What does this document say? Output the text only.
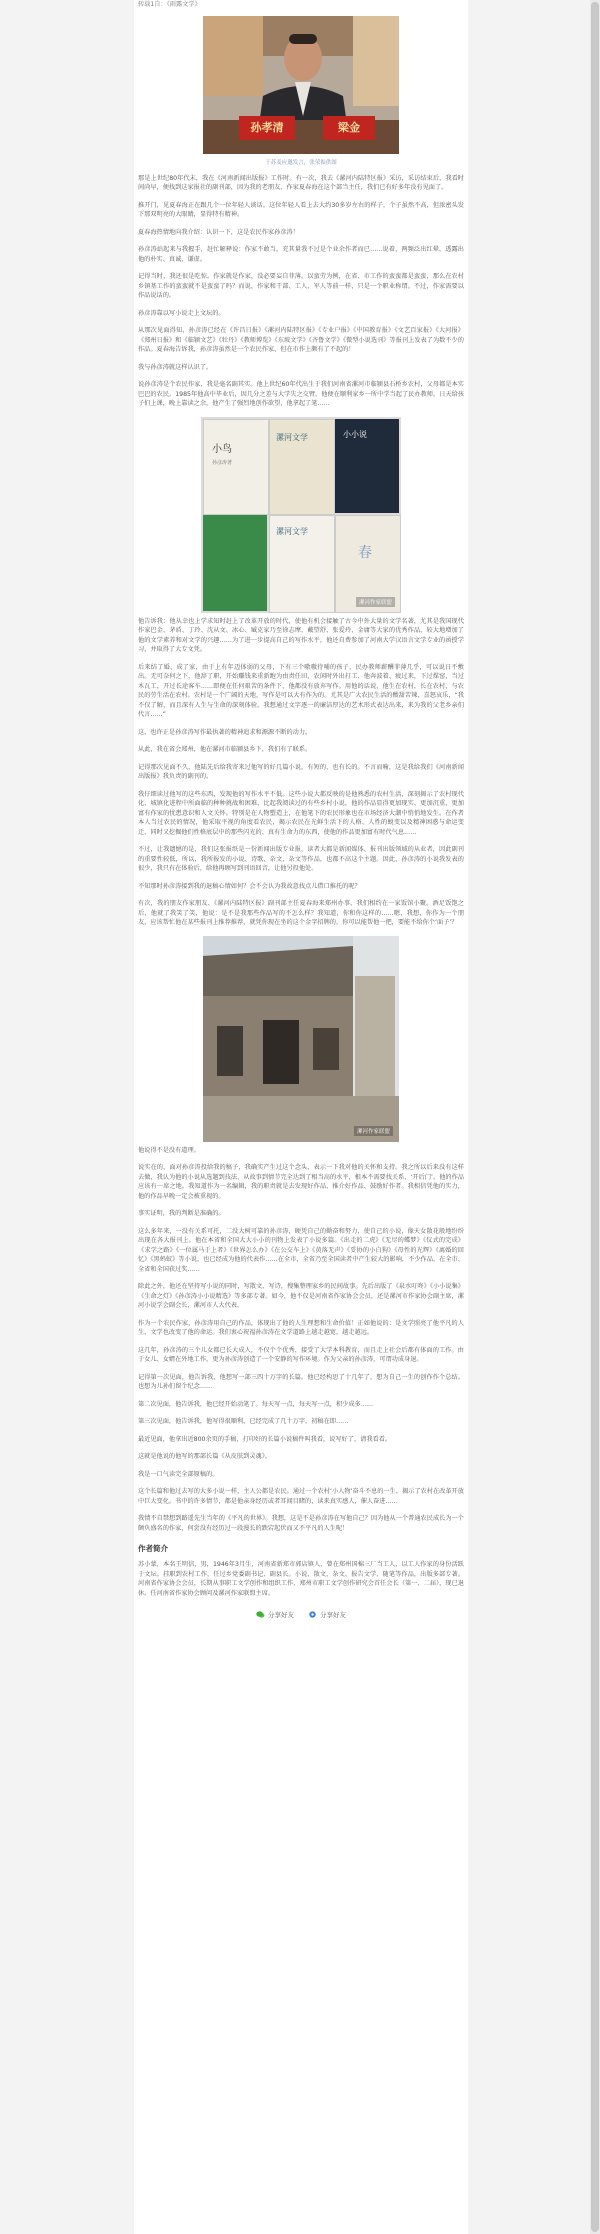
转载1自：《雨露文学》

孙孝清	梁金
于苏麦应邀发言，张荣振供图

那是上世纪80年代末，我在《河南新闻出版报》工作时。有一次，我去《漯河内陆特区报》采访，采访结束后，我看时间尚早，便找到这家报社的副刊部，因为我的老朋友、作家夏春海在这个部当主任，我们已有好多年没有见面了。

推开门，见夏春海正在跟几个一位年轻人谈话。这位年轻人看上去大约30多岁左右的样子，个子虽然不高，但浓密头发下那双明亮的大眼睛，显得特有精神。

夏春海热情地向我介绍：认识一下，这是农民作家孙彦涛！

孙彦涛站起来与我握手，赶忙解释说：作家不敢当，充其量我不过是个业余作者而已……说着，两频泛出红晕，透露出他的朴实、真诚、谦虚。

记得当时，我还很是吃惊。作家就是作家，没必要妄自菲薄。以蛮劳为例，在省、市工作的蛮蛮都是蛮蛮，那么在农村乡镇基工作的蛮蛮就不是蛮蛮了吗？而说，作家和干部、工人、军人等前一样，只是一个职业称谓。不过，作家需要以作品说话的。

孙彦涛靠以写小说走上文坛的。

从那次见面得知，孙彦涛已经在《许昌日报》《漯河内陆特区报》《专业户报》《中国教育报》《文艺百家报》《大河报》《郑州日报》和《临颍文艺》《牡丹》《教师博览》《东坡文学》《齐鲁文学》《微型小说选刊》等报刊上发表了为数不少的作品。夏春海告诉我，孙彦涛虽然是一个农民作家，但在市作上颇有了不起的！

我与孙彦涛就这样认识了。

说孙彦涛是个农民作家，我是毫名副其实。他上世纪60年代出生于我们河南省漯河市临颍县石桥乡农村，父母都是本实巴巴的农民。1985年他高中毕业后，因几分之差与大学失之交臂，他便在顺利家乡一所中学当起了民办教师，日天给孩子们上课，晚上靠读之余，他产生了强烈地创作欲望，他拿起了笔……

小鸟
孙彦涛著
漯河文学	小小说
漯河文学
春
漯河作家联盟

他告诉我：他从幸也上学求知时赶上了改革开放的时代，使他有机会接触了古今中外大量的文学名著，尤其是我国现代作家巴金、茅盾、丁玲、沈从文、冰心、臧克家乃至徐志摩、戴望舒、张爱玲、金庸等大家的优秀作品，较大地增加了他的文学素养和对文学的兴趣……为了进一步提高自己的写作水平，他还自费参加了河南大学汉语言文学专业的函授学习，并取得了大专文凭。

后来结了婚、成了家，由于上有年迈体弱的父母，下有三个嗷嗷待哺的孩子，民办教师薪酬菲薄几乎，可以说日不敷出。无可奈何之下，他辞了职，开始赚钱来重新跑为由责任田，农闲时外出打工、他奔波着、疲过来，下过煤窑，当过木瓦工，开过长途客车……即便在任何艰苦的条件下，他都没有放弃写作。用他的话说，他生在农村，长在农村，与农民的劳生活在农村。农村是一个广阔的天地，写作是可以大有作为的。尤其是广大农民生活的酸甜苦辣、喜怒哀乐，“我不仅了解，而且深有人生与生命的深刻体验。我想通过文字逐一的廉洁厚达的艺术形式表达出来，来为我的父老乡亲们代言……”

这，也许正是孙彦涛写作最执著的精神追求和源源不断的动力。

从此，我在省会郑州，他在漯河市临颍县乡下，我们有了联系。

记得那次见面不久，他陆先后给我寄来过他写的好几篇小说，有短的，也有长的。不言而喻，这是我给我们《河南新闻出版报》我负责的副刊的。

我仔细读过他写的这些东西，发现他的写作水平不低。这些小说大都反映的是他熟悉的农村生活，深刻揭示了农村现代化、城镇化进程中所面临的种种挑战和困难，比起我阅读过的有些乡村小说，他的作品显得更加现实、更加沉重，更加富有作家的忧患意识和人文关怀。特别是在人物塑造上，在他笔下的农民形象也在市场经济大潮中悄悄地发生。在作者本人当过农民的情况，他采取平视的角度看农民，揭示农民在光鲜生活下的人格、人性的蜕变以及精神困惑与命运变迁，同时又挖掘他们性格底层中的那些闪光的、真有生命力的东西，使他的作品更加富有时代气息……

不过，让我遗憾的是，我们这张报纸是一份新闻出版专业报，读者大都是新闻媒体、报刊出版领域的从业者，因此副刊的重要性较低，所以，我所报发的小说、诗歌、杂文、杂文等作品，也都不高这个主题。因此，孙彦涛的小说我发表的很少，我只有在体验后，给他再顾写到刊语回音，让他另投他处。

不知那时孙彦涛接到我的退稿心情如何？会不会认为我故意找点儿借口推托的呢？

有次，我的朋友作家朋友、《漯河内陆特区报》副刊部主任夏春海来郑州办事，我们相约在一家饭馆小聚。酒足饭饱之后，他就了我笑了笑，他说：是不是我那些作品写的不怎么样？我知道，你和你这样的……嗯，我想，你作为一个朋友，应该帮忙他在某些报刊上推荐推荐，就凭你现在坐的这个金字招牌的，你可以能帮他一把，要能不给你个‘面子’？

漯河作家联盟

他说得不是没有道理。

说实在的，面对孙彦涛投给我的稿子，我确实产生过这个念头，表示一下我对他的关怀和支持。我之所以后来没有这样去做，我认为他的小说从选题到技法、从故事到情节完全达到了相当高的水平，根本不需要找关系、‘开后门’。他的作品应该有一席之地。我知道作为一名编辑，我的职责就是去发现好作品、推介好作品、鼓励好作者。我相信凭他的实力，他的作品早晚一定会被重视的。

事实证明，我的判断是准确的。

这么多年来，一没有关系可托，二没大树可靠的孙彦涛，硬凭自己的勤奋和努力，使自己的小说，像天女散花般地纷纷出现在各大报刊上。他在本省和全国大大小小的刊物上发表了小说多篇。《出走的二虎》《无尽的蝶梦》《仪式的完成》《求学之路》《一位属马于上者》《世界怎么办》《在公交车上》《黄落无声》《妥协的小白狗》《母性的光辉》《离婚的回忆》《黑蚂蚁》等小说，也已经成为他的代表作……在全市，全省乃至全国读者中产生较大的影响，不少作品，在全市、全省和全国获过奖……

除此之外，他还在坚持写小说的同时，写散文、写诗，搜集整理家乡的民间故事。先后出版了《泉水叮咚》《小小说集》《生命之灯》《孙彦涛小小说精选》等多部专著。如今，他不仅是河南省作家协会会员，还是漯河市作家协会副主席，漯河小说学会副会长，漯河市人大代表。

作为一个农民作家，孙彦涛用自己的作品，体现出了他的人生理想和生命价值！正如他说的：是文学照亮了他平凡的人生，文学也改变了他的命运。我们衷心祝福孙彦涛在文学道路上越走越宽，越走越远。

这几年，孙彦涛的三个儿女都已长大成人，不仅个个优秀，接受了大学本科教育，而且走上社会后都有体面的工作。由于女儿、女婿在外地工作，更为孙彦涛创造了一个安静的写作环境。作为父亲的孙彦涛，可谓功成身退。

记得第一次见面，他告诉我，他想写一部三四十万字的长篇。他已经构思了十几年了，想为自己一生的创作作个总结。也想为儿孙们留个纪念……

第二次见面，他告诉我，他已经开始动笔了。每天写一点，每天写一点，积少成多……

第三次见面，他告诉我，他写得很顺利，已经完成了几十万字，初稿在即……

最近见面，他拿出近800余页的手稿，打印好的长篇小说稿件叫我看，说写好了，请我看看。

这就是他说的他写的那部长篇《从皮肤到灵魂》。

我是一口气读完全部原稿的。

这个长篇和他过去写的大多小说一样，主人公都是农民。通过一个农村‘小人物’奋斗不息的一生，揭示了农村在改革开放中巨大变化。书中的许多情节，都是他亲身经历或者耳闻目睹的，读来真实感人，催人奋进……

我情不自禁想到路遥先生当年的《平凡的世界》。我想，这是不是孙彦涛在写他自己？因为他从一个普通农民成长为一个颇负盛名的作家，何尝没有经历过一段漫长的跌宕起伏而又不平凡的人生呢！

作者简介

苏小蒙，本名王明信，男，1946年3月生，河南省新郑市郭店镇人，曾在郑州国棉三厂当工人，以工人作家的身份活跃于文坛。挂职到农村工作，任过乡党委副书记、副县长。小说、散文、杂文、报告文学、随笔等作品，出版多部专著。河南省作家协会会员，长期从事职工文学创作和组织工作，郑州市职工文学创作研究会首任会长（第一、二届），现已退休。任河南省作家协会顾问及漯河作家联盟主席。

分享好友	分享好友
